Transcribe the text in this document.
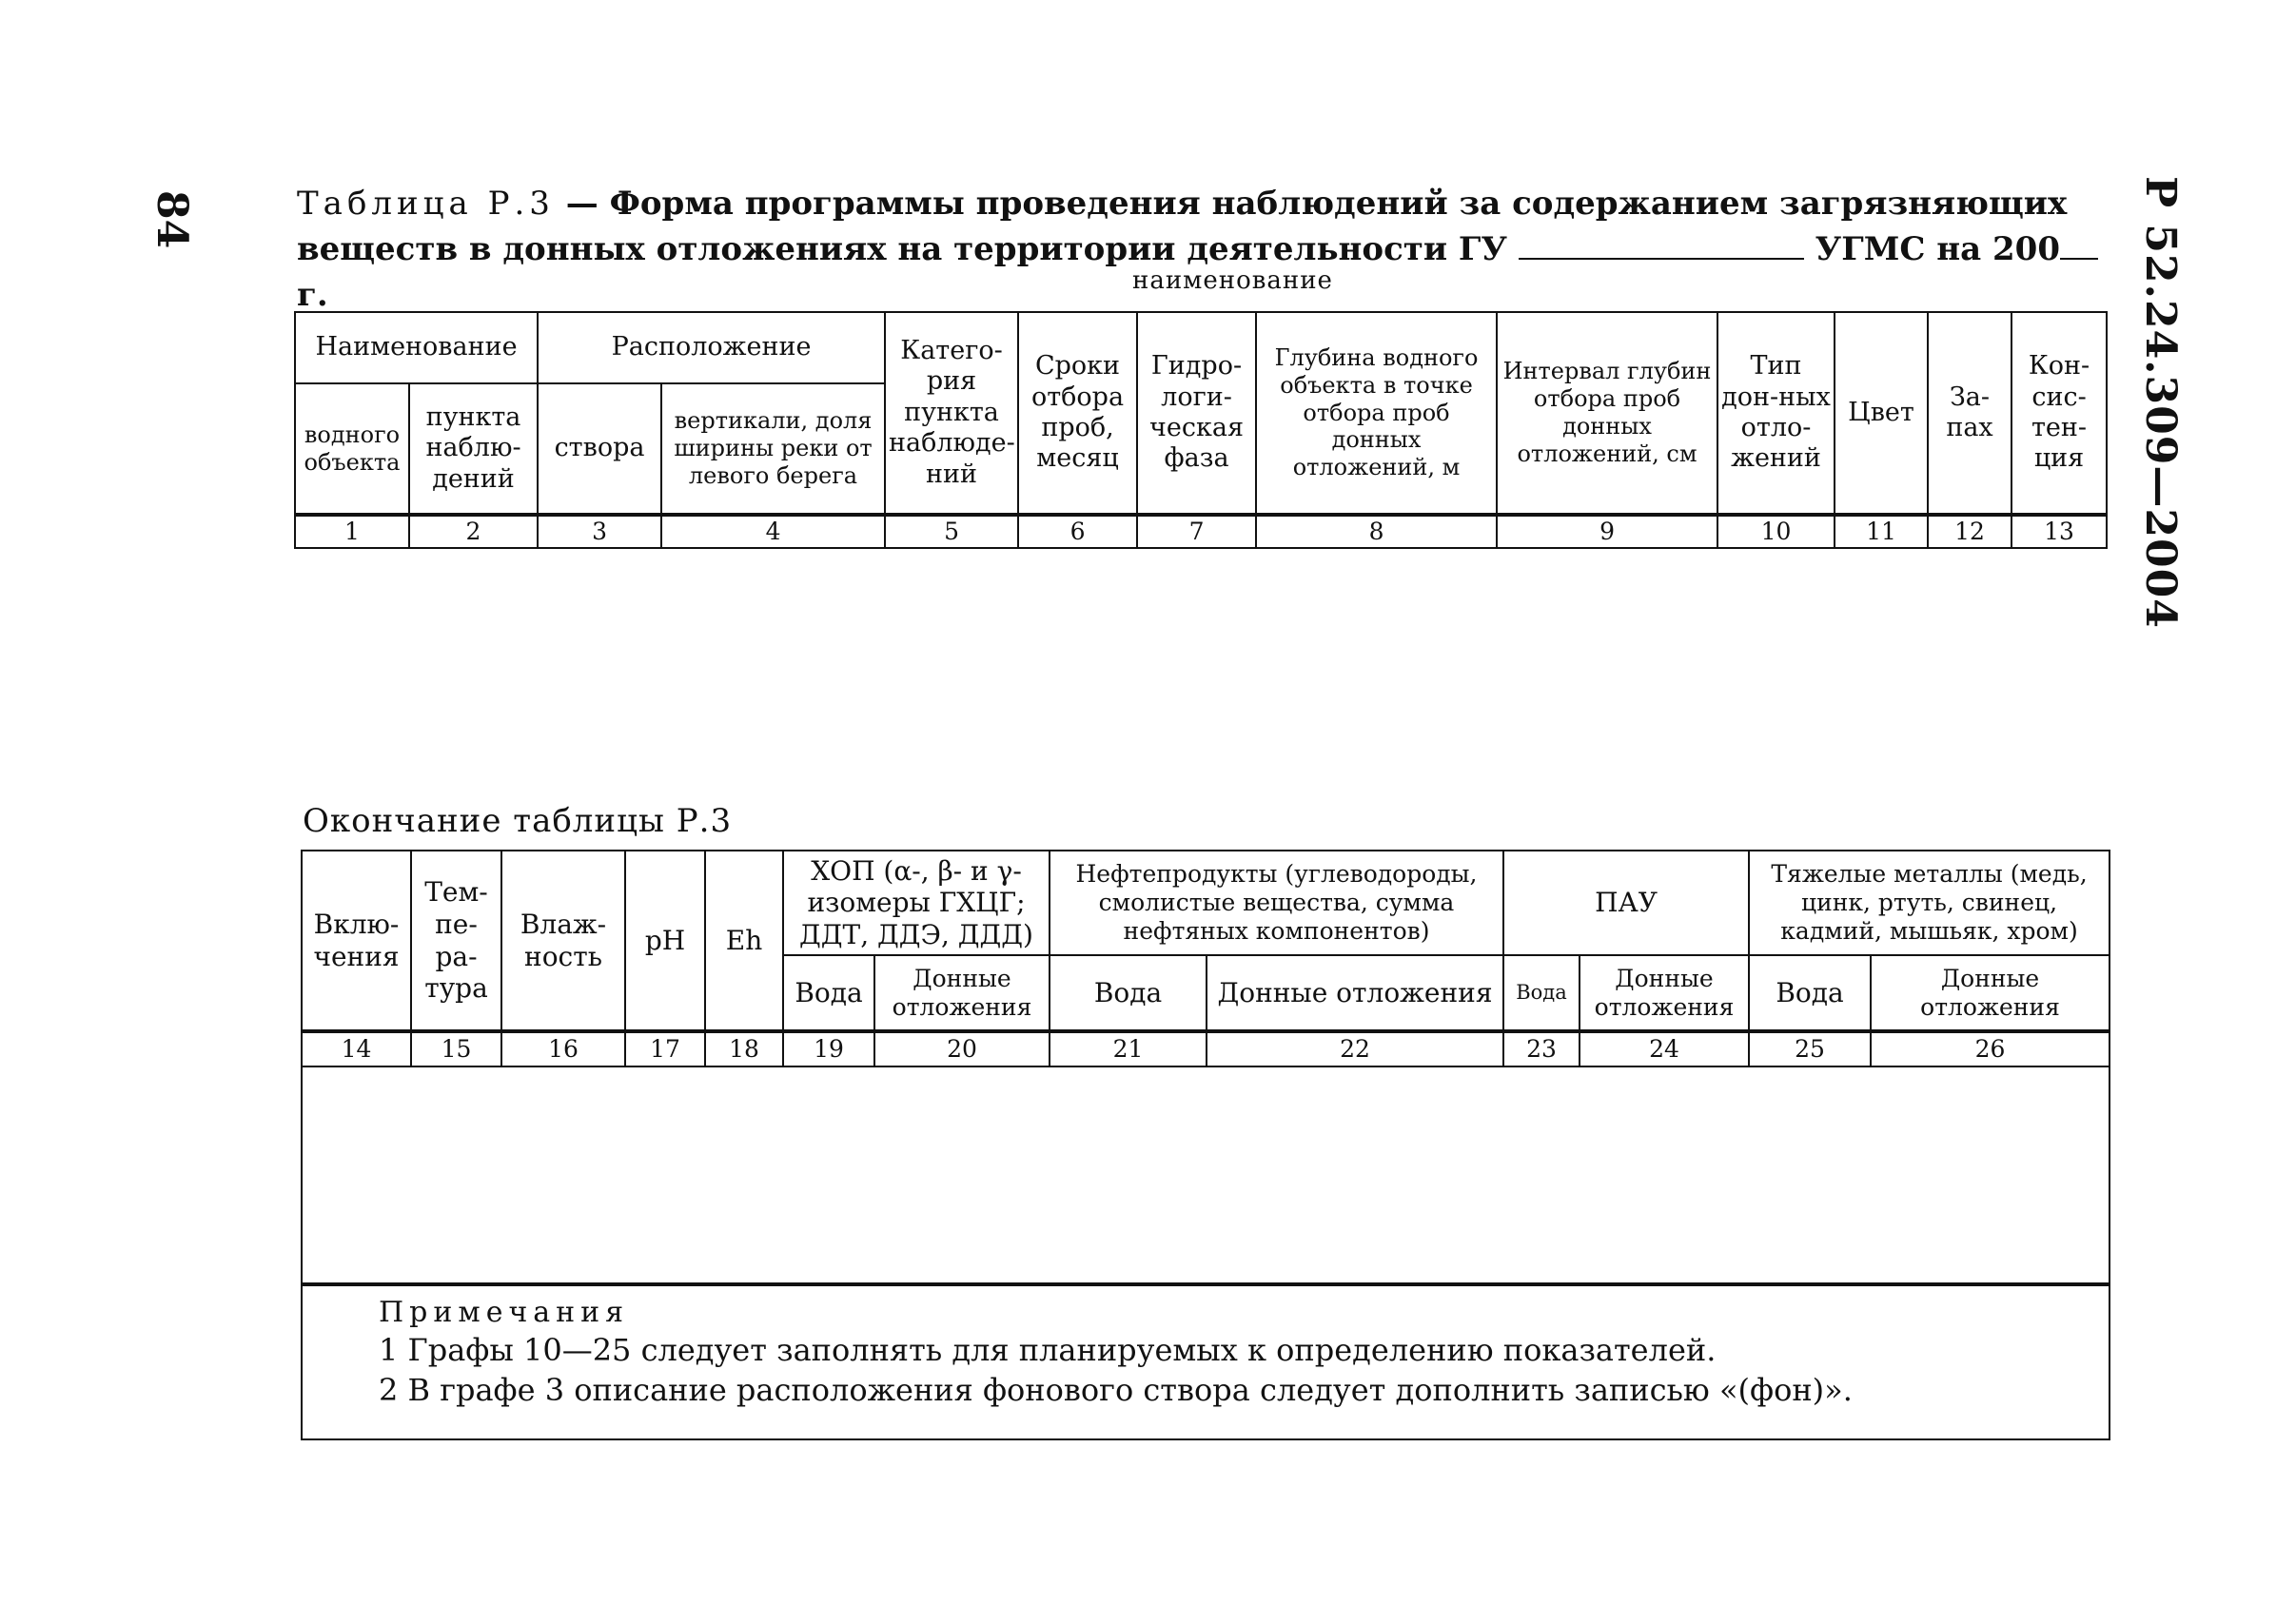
84	Р 52.24.309—2004
Таблица Р.3 — Форма программы проведения наблюдений за содержанием загрязняющих веществ в донных отложениях на территории деятельности ГУ	УГМС на 200 г.	наименование
Наименование		Расположение		Катего-рия пункта наблюде-ний	Сроки отбора проб, месяц	Гидро-логи-ческая фаза	Глубина водного объекта в точке отбора проб донных отложений, м	Интервал глубин отбора проб донных отложений, см	Тип дон-ных отло-жений	Цвет	За-пах	Кон-сис-тен-ция
водного объекта	пункта наблю-дений	створа	вертикали, доля ширины реки от левого берега									
1	2	3	4	5	6	7	8	9	10	11	12	13
Окончание таблицы Р.3
Вклю-чения	Тем-пе-ра-тура	Влаж-ность	pH	Eh	ХОП (α-, β- и γ-изомеры ГХЦГ; ДДТ, ДДЭ, ДДД)		Нефтепродукты (углеводороды, смолистые вещества, сумма нефтяных компонентов)		ПАУ		Тяжелые металлы (медь, цинк, ртуть, свинец, кадмий, мышьяк, хром)	
					Вода	Донные отложения	Вода	Донные отложения	Вода	Донные отложения	Вода	Донные отложения
14	15	16	17	18	19	20	21	22	23	24	25	26

Примечания
1 Графы 10—25 следует заполнять для планируемых к определению показателей.
2 В графе 3 описание расположения фонового створа следует дополнить записью «(фон)».												
